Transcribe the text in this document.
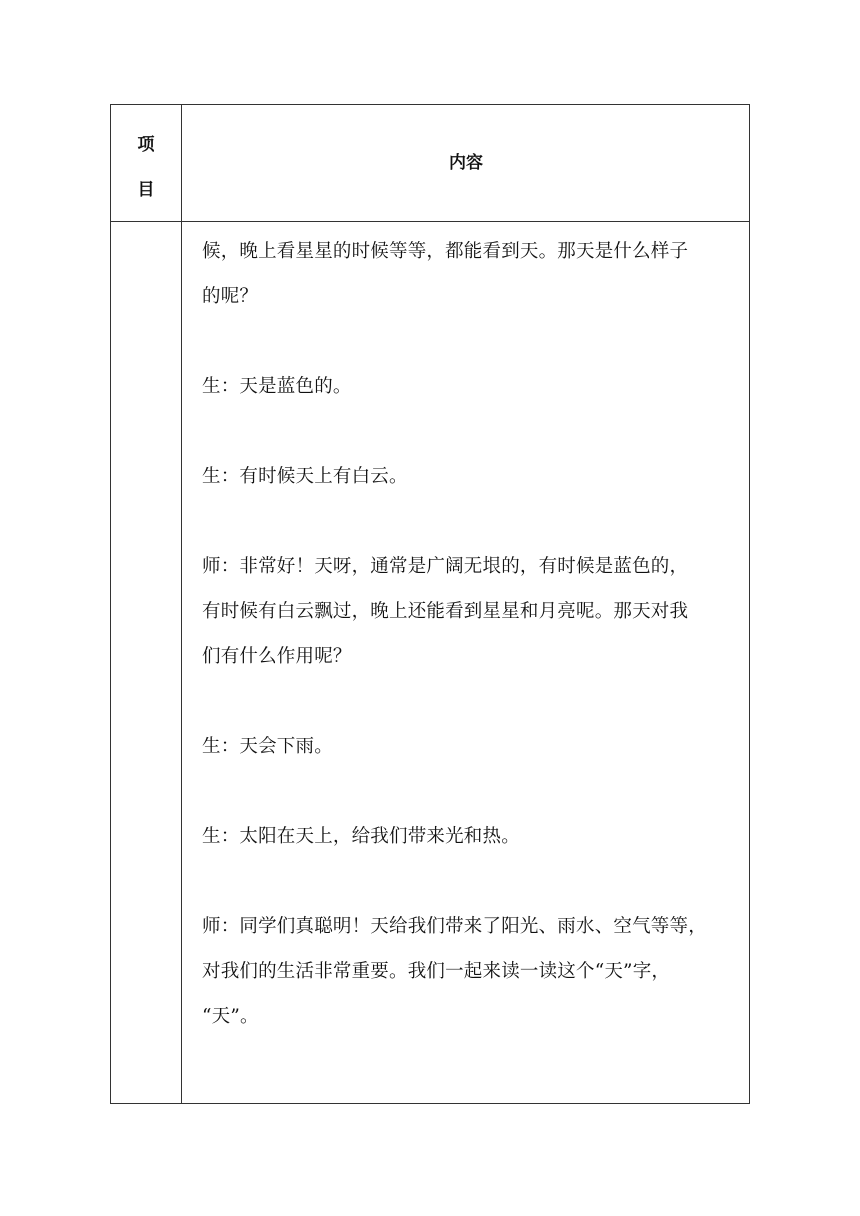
项
目
内容

候，晚上看星星的时候等等，都能看到天。那天是什么样子
的呢？

生：天是蓝色的。

生：有时候天上有白云。

师：非常好！天呀，通常是广阔无垠的，有时候是蓝色的，
有时候有白云飘过，晚上还能看到星星和月亮呢。那天对我
们有什么作用呢？

生：天会下雨。

生：太阳在天上，给我们带来光和热。

师：同学们真聪明！天给我们带来了阳光、雨水、空气等等，
对我们的生活非常重要。我们一起来读一读这个“天”字，
“天”。
